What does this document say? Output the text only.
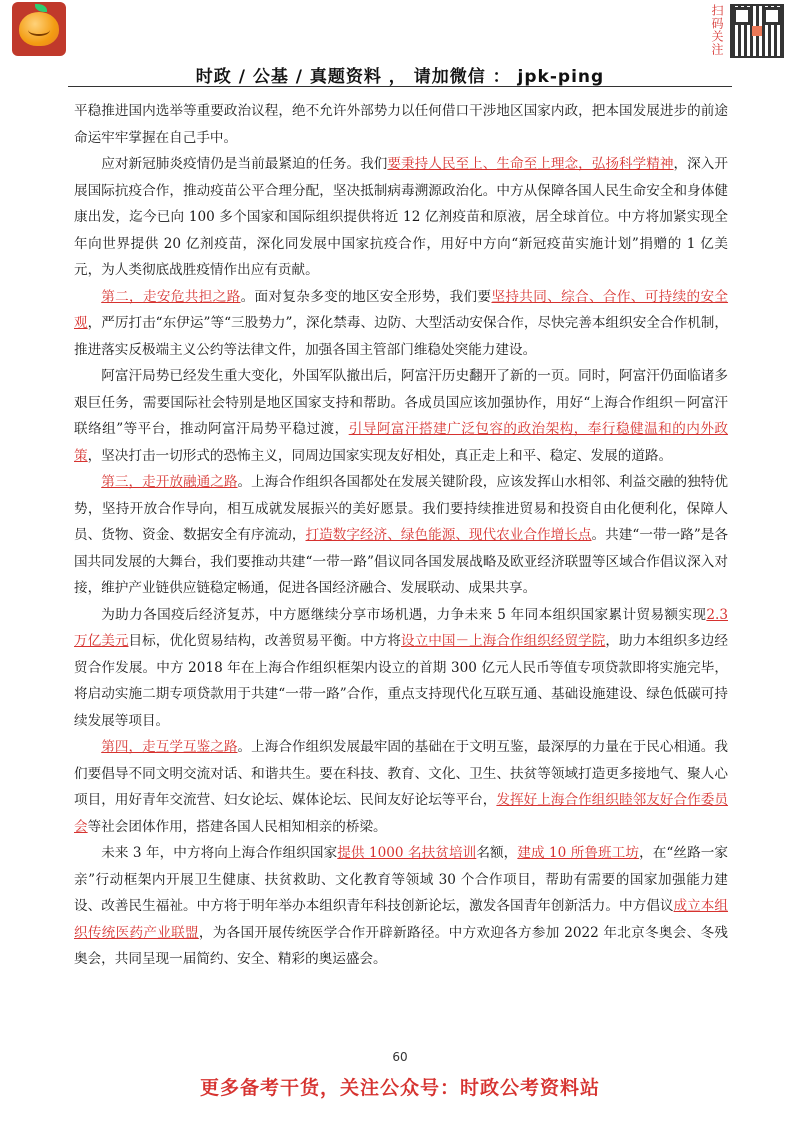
扫码关注
时政 / 公基 / 真题资料 ， 请加微信 ： jpk-ping

平稳推进国内选举等重要政治议程，绝不允许外部势力以任何借口干涉地区国家内政，把本国发展进步的前途命运牢牢掌握在自己手中。

应对新冠肺炎疫情仍是当前最紧迫的任务。我们要秉持人民至上、生命至上理念，弘扬科学精神，深入开展国际抗疫合作，推动疫苗公平合理分配，坚决抵制病毒溯源政治化。中方从保障各国人民生命安全和身体健康出发，迄今已向 100 多个国家和国际组织提供将近 12 亿剂疫苗和原液，居全球首位。中方将加紧实现全年向世界提供 20 亿剂疫苗，深化同发展中国家抗疫合作，用好中方向“新冠疫苗实施计划”捐赠的 1 亿美元，为人类彻底战胜疫情作出应有贡献。

第二，走安危共担之路。面对复杂多变的地区安全形势，我们要坚持共同、综合、合作、可持续的安全观，严厉打击“东伊运”等“三股势力”，深化禁毒、边防、大型活动安保合作，尽快完善本组织安全合作机制，推进落实反极端主义公约等法律文件，加强各国主管部门维稳处突能力建设。

阿富汗局势已经发生重大变化，外国军队撤出后，阿富汗历史翻开了新的一页。同时，阿富汗仍面临诸多艰巨任务，需要国际社会特别是地区国家支持和帮助。各成员国应该加强协作，用好“上海合作组织－阿富汗联络组”等平台，推动阿富汗局势平稳过渡，引导阿富汗搭建广泛包容的政治架构，奉行稳健温和的内外政策，坚决打击一切形式的恐怖主义，同周边国家实现友好相处，真正走上和平、稳定、发展的道路。

第三，走开放融通之路。上海合作组织各国都处在发展关键阶段，应该发挥山水相邻、利益交融的独特优势，坚持开放合作导向，相互成就发展振兴的美好愿景。我们要持续推进贸易和投资自由化便利化，保障人员、货物、资金、数据安全有序流动，打造数字经济、绿色能源、现代农业合作增长点。共建“一带一路”是各国共同发展的大舞台，我们要推动共建“一带一路”倡议同各国发展战略及欧亚经济联盟等区域合作倡议深入对接，维护产业链供应链稳定畅通，促进各国经济融合、发展联动、成果共享。

为助力各国疫后经济复苏，中方愿继续分享市场机遇，力争未来 5 年同本组织国家累计贸易额实现2.3 万亿美元目标，优化贸易结构，改善贸易平衡。中方将设立中国－上海合作组织经贸学院，助力本组织多边经贸合作发展。中方 2018 年在上海合作组织框架内设立的首期 300 亿元人民币等值专项贷款即将实施完毕，将启动实施二期专项贷款用于共建“一带一路”合作，重点支持现代化互联互通、基础设施建设、绿色低碳可持续发展等项目。

第四，走互学互鉴之路。上海合作组织发展最牢固的基础在于文明互鉴，最深厚的力量在于民心相通。我们要倡导不同文明交流对话、和谐共生。要在科技、教育、文化、卫生、扶贫等领域打造更多接地气、聚人心项目，用好青年交流营、妇女论坛、媒体论坛、民间友好论坛等平台，发挥好上海合作组织睦邻友好合作委员会等社会团体作用，搭建各国人民相知相亲的桥梁。

未来 3 年，中方将向上海合作组织国家提供 1000 名扶贫培训名额，建成 10 所鲁班工坊，在“丝路一家亲”行动框架内开展卫生健康、扶贫救助、文化教育等领域 30 个合作项目，帮助有需要的国家加强能力建设、改善民生福祉。中方将于明年举办本组织青年科技创新论坛，激发各国青年创新活力。中方倡议成立本组织传统医药产业联盟，为各国开展传统医学合作开辟新路径。中方欢迎各方参加 2022 年北京冬奥会、冬残奥会，共同呈现一届简约、安全、精彩的奥运盛会。

60
更多备考干货，关注公众号：时政公考资料站
